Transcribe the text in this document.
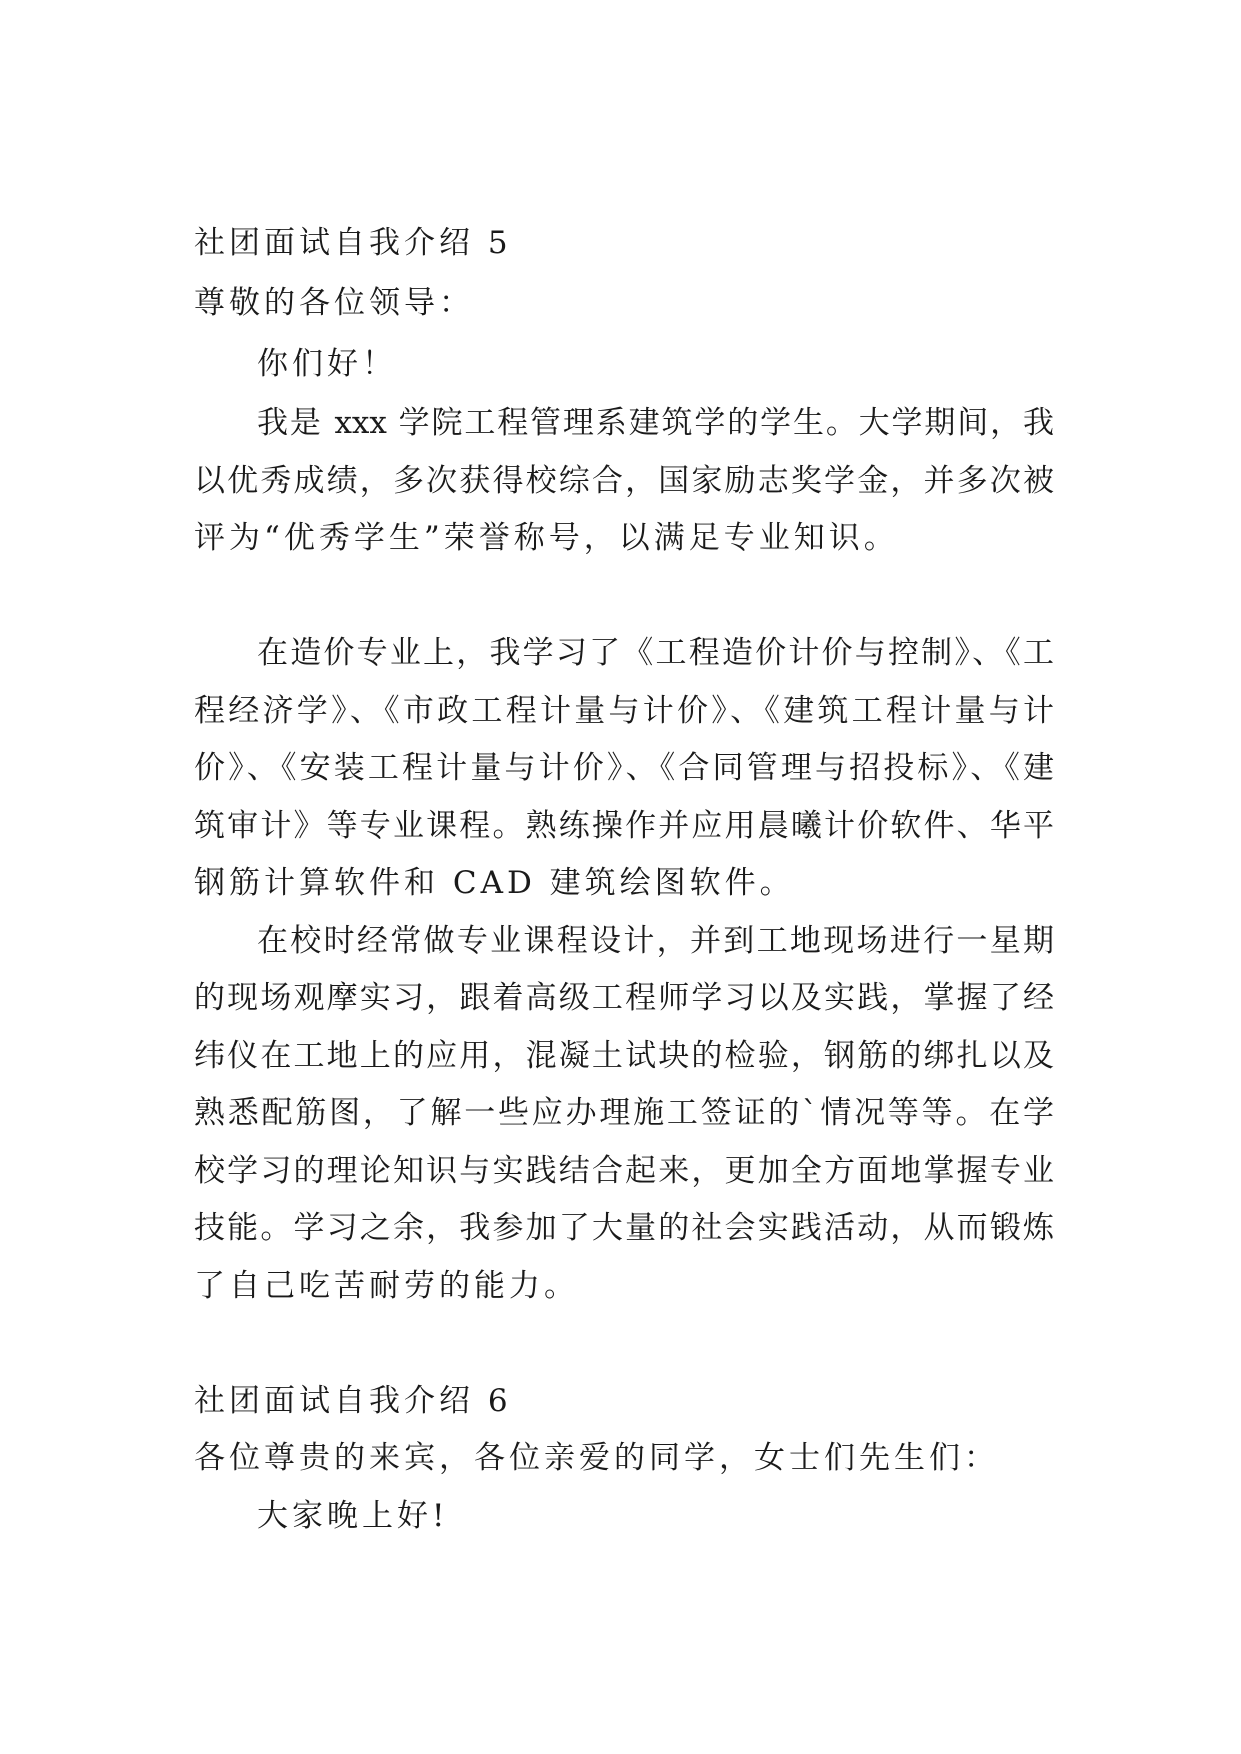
社团面试自我介绍 5
尊敬的各位领导：
你们好！
我是 xxx 学院工程管理系建筑学的学生。大学期间，我
以优秀成绩，多次获得校综合，国家励志奖学金，并多次被
评为“优秀学生”荣誉称号，以满足专业知识。
在造价专业上，我学习了《工程造价计价与控制》、《工
程经济学》、《市政工程计量与计价》、《建筑工程计量与计
价》、《安装工程计量与计价》、《合同管理与招投标》、《建
筑审计》等专业课程。熟练操作并应用晨曦计价软件、华平
钢筋计算软件和 CAD 建筑绘图软件。
在校时经常做专业课程设计，并到工地现场进行一星期
的现场观摩实习，跟着高级工程师学习以及实践，掌握了经
纬仪在工地上的应用，混凝土试块的检验，钢筋的绑扎以及
熟悉配筋图，了解一些应办理施工签证的`情况等等。在学
校学习的理论知识与实践结合起来，更加全方面地掌握专业
技能。学习之余，我参加了大量的社会实践活动，从而锻炼
了自己吃苦耐劳的能力。
社团面试自我介绍 6
各位尊贵的来宾，各位亲爱的同学，女士们先生们：
大家晚上好!
